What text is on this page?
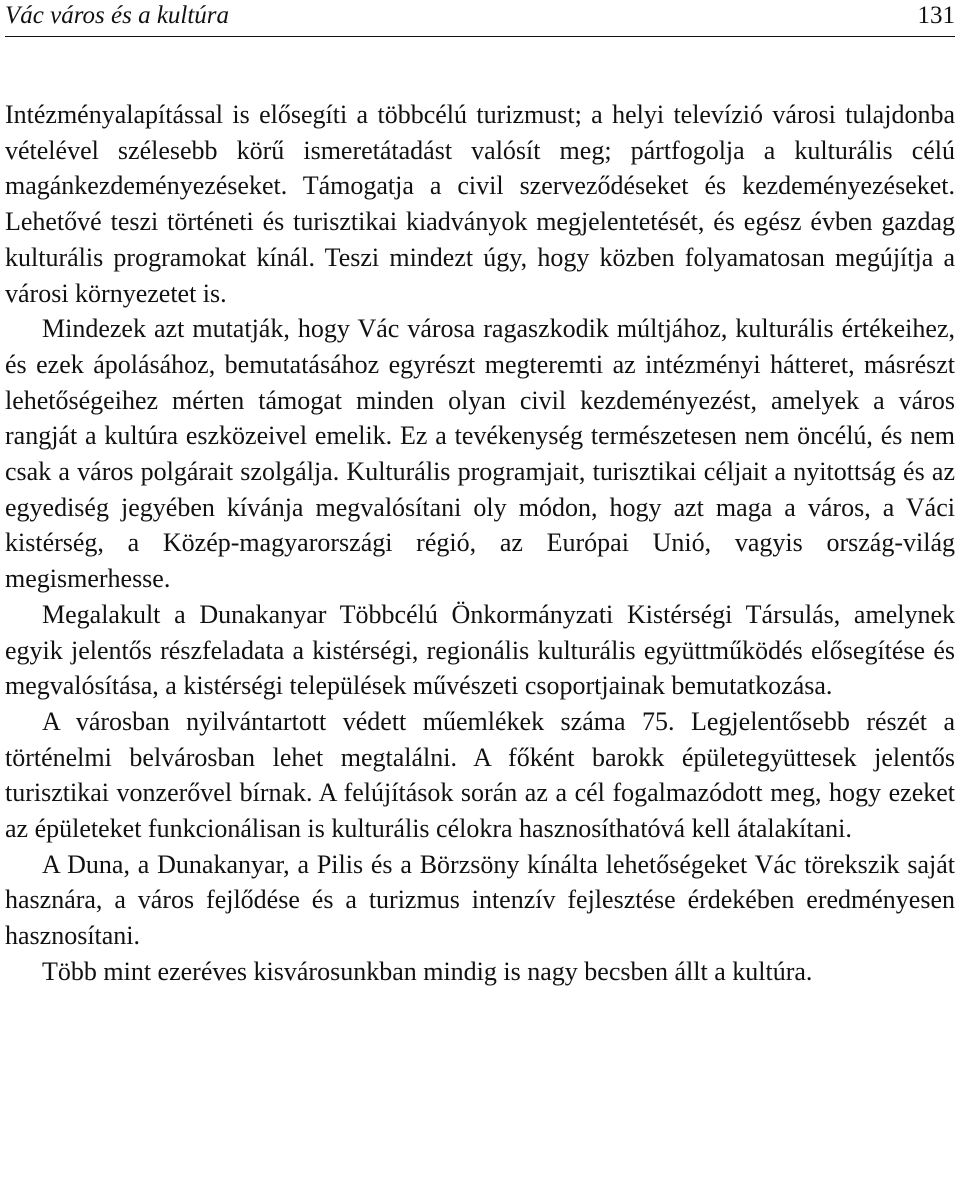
Vác város és a kultúra	131

Intézményalapítással is elősegíti a többcélú turizmust; a helyi televízió városi tulajdonba vételével szélesebb körű ismeretátadást valósít meg; pártfogolja a kulturális célú magánkezdeményezéseket. Támogatja a civil szerveződéseket és kezdeményezéseket. Lehetővé teszi történeti és turisztikai kiadványok megjelentetését, és egész évben gazdag kulturális programokat kínál. Teszi mindezt úgy, hogy közben folyamatosan megújítja a városi környezetet is.

Mindezek azt mutatják, hogy Vác városa ragaszkodik múltjához, kulturális értékeihez, és ezek ápolásához, bemutatásához egyrészt megteremti az intézményi hátteret, másrészt lehetőségeihez mérten támogat minden olyan civil kezdeményezést, amelyek a város rangját a kultúra eszközeivel emelik. Ez a tevékenység természetesen nem öncélú, és nem csak a város polgárait szolgálja. Kulturális programjait, turisztikai céljait a nyitottság és az egyediség jegyében kívánja megvalósítani oly módon, hogy azt maga a város, a Váci kistérség, a Közép-magyarországi régió, az Európai Unió, vagyis ország-világ megismerhesse.

Megalakult a Dunakanyar Többcélú Önkormányzati Kistérségi Társulás, amelynek egyik jelentős részfeladata a kistérségi, regionális kulturális együttműködés elősegítése és megvalósítása, a kistérségi települések művészeti csoportjainak bemutatkozása.

A városban nyilvántartott védett műemlékek száma 75. Legjelentősebb részét a történelmi belvárosban lehet megtalálni. A főként barokk épületegyüttesek jelentős turisztikai vonzerővel bírnak. A felújítások során az a cél fogalmazódott meg, hogy ezeket az épületeket funkcionálisan is kulturális célokra hasznosíthatóvá kell átalakítani.

A Duna, a Dunakanyar, a Pilis és a Börzsöny kínálta lehetőségeket Vác törekszik saját hasznára, a város fejlődése és a turizmus intenzív fejlesztése érdekében eredményesen hasznosítani.

Több mint ezeréves kisvárosunkban mindig is nagy becsben állt a kultúra.
